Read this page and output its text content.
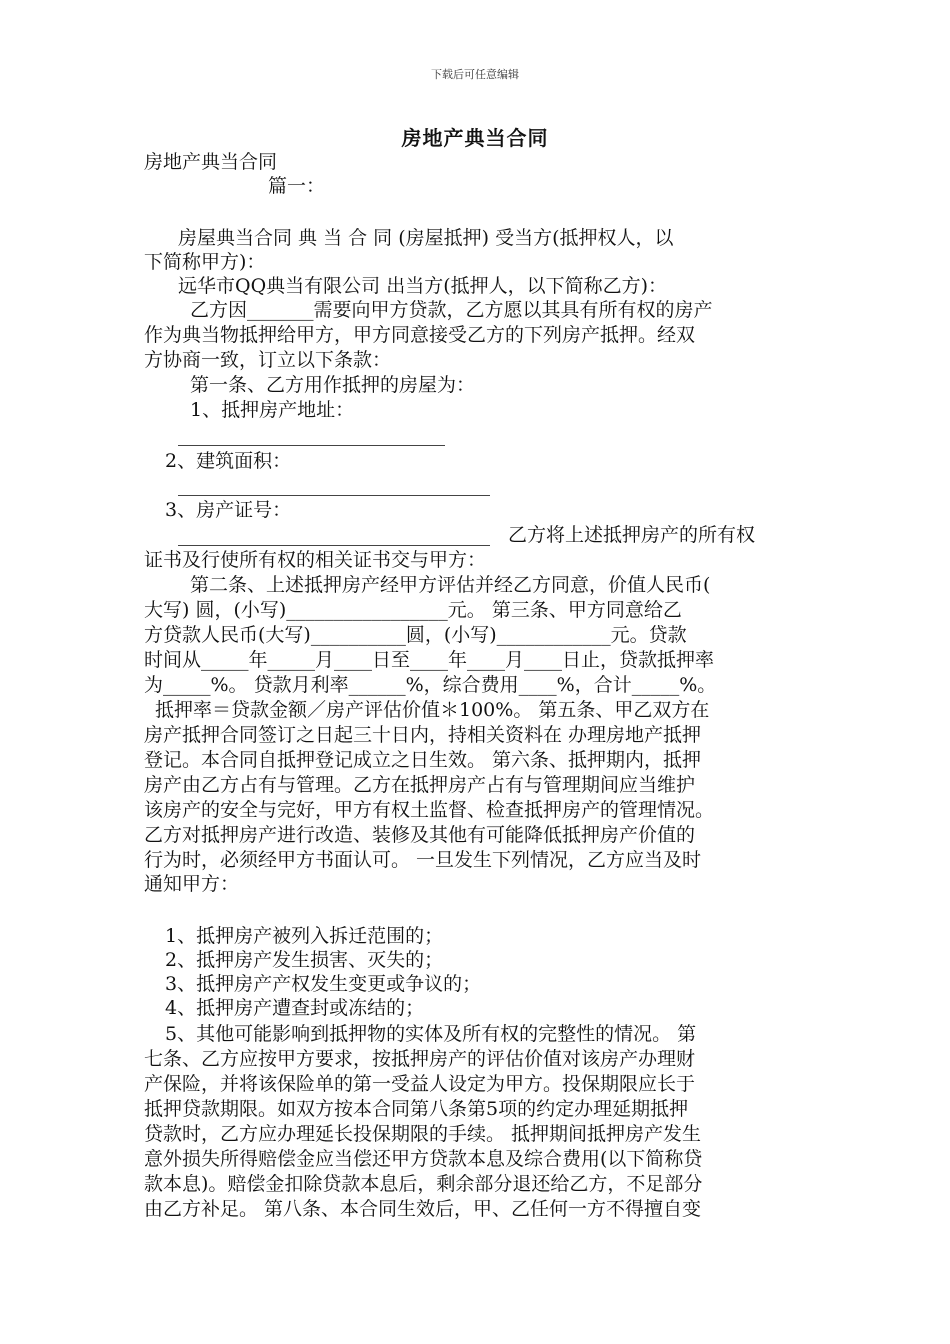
下载后可任意编辑
房地产典当合同
房地产典当合同
篇一：
房屋典当合同 典 当 合 同 (房屋抵押) 受当方(抵押权人，以
下简称甲方)：
远华市QQ典当有限公司 出当方(抵押人，以下简称乙方)：
乙方因_______需要向甲方贷款，乙方愿以其具有所有权的房产
作为典当物抵押给甲方，甲方同意接受乙方的下列房产抵押。经双
方协商一致，订立以下条款：
第一条、乙方用作抵押的房屋为：
1、抵押房产地址：
2、建筑面积：
3、房产证号：
乙方将上述抵押房产的所有权
证书及行使所有权的相关证书交与甲方：
第二条、上述抵押房产经甲方评估并经乙方同意，价值人民币(
大写) 圆，(小写)_________________元。 第三条、甲方同意给乙
方贷款人民币(大写)__________圆，(小写)____________元。贷款
时间从_____年_____月____日至____年____月____日止，贷款抵押率
为_____%。 贷款月利率______%，综合费用____%，合计_____%。
抵押率＝贷款金额／房产评估价值＊100%。 第五条、甲乙双方在
房产抵押合同签订之日起三十日内，持相关资料在 办理房地产抵押
登记。本合同自抵押登记成立之日生效。 第六条、抵押期内，抵押
房产由乙方占有与管理。乙方在抵押房产占有与管理期间应当维护
该房产的安全与完好，甲方有权土监督、检查抵押房产的管理情况。
乙方对抵押房产进行改造、装修及其他有可能降低抵押房产价值的
行为时，必须经甲方书面认可。 一旦发生下列情况，乙方应当及时
通知甲方：
1、抵押房产被列入拆迁范围的；
2、抵押房产发生损害、灭失的；
3、抵押房产产权发生变更或争议的；
4、抵押房产遭查封或冻结的；
5、其他可能影响到抵押物的实体及所有权的完整性的情况。 第
七条、乙方应按甲方要求，按抵押房产的评估价值对该房产办理财
产保险，并将该保险单的第一受益人设定为甲方。投保期限应长于
抵押贷款期限。如双方按本合同第八条第5项的约定办理延期抵押
贷款时，乙方应办理延长投保期限的手续。 抵押期间抵押房产发生
意外损失所得赔偿金应当偿还甲方贷款本息及综合费用(以下简称贷
款本息)。赔偿金扣除贷款本息后，剩余部分退还给乙方，不足部分
由乙方补足。 第八条、本合同生效后，甲、乙任何一方不得擅自变
